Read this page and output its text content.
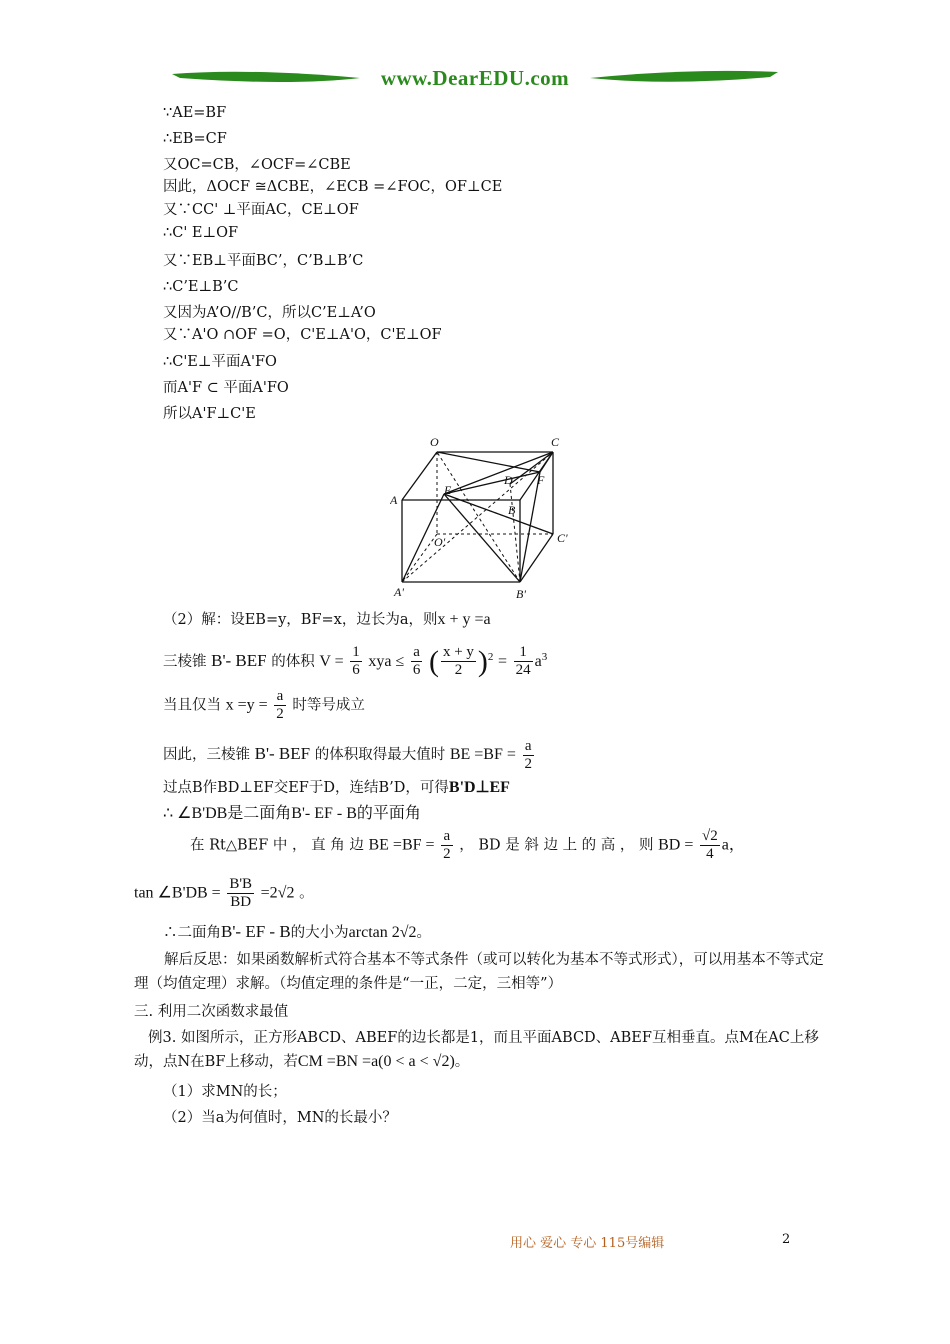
www.DearEDU.com
∵AE=BF
∴EB=CF
又OC=CB，∠OCF=∠CBE
因此，ΔOCF ≅ΔCBE，∠ECB =∠FOC，OF⊥CE
又∵CC' ⊥平面AC，CE⊥OF
∴C' E⊥OF
又∵EB⊥平面BC’，C’B⊥B’C
∴C’E⊥B’C
又因为A’O//B’C，所以C’E⊥A’O
又∵A'O ∩OF =O，C'E⊥A'O，C'E⊥OF
∴C'E⊥平面A'FO
而A'F ⊂ 平面A'FO
所以A'F⊥C'E
O	C
A
E
D F
B
C'
O'
A'	B'
（2）解：设EB=y，BF=x，边长为a，则x + y =a
三棱锥 B'- BEF 的体积 $V = \frac{1}{6}$ xya ≤ $\frac{a}{6}$ ( $\frac{x + y}{2} )^2 = \frac{1}{24} a^3$
当且仅当 $x =y = \frac{a}{2}$ 时等号成立
因此，三棱锥 B'- BEF 的体积取得最大值时 BE $=BF = \frac{a}{2}$
过点B作BD⊥EF交EF于D，连结B’D，可得B'D⊥EF
∴ ∠B'DB是二面角B'- EF - B的平面角
在 Rt△BEF 中 ， 直 角 边 BE $=BF = \frac{a}{2}$ ， BD 是 斜 边 上 的 高 ， 则 BD = $\frac{√2}{4}$ a，
tan ∠B'DB = $\frac{B'B}{BD} =2√2$ 。
∴二面角B'- EF - B的大小为arctan 2√2。
解后反思：如果函数解析式符合基本不等式条件（或可以转化为基本不等式形式），可以用基本不等式定理（均值定理）求解。（均值定理的条件是“一正，二定，三相等”）
三. 利用二次函数求最值
例3. 如图所示，正方形ABCD、ABEF的边长都是1，而且平面ABCD、ABEF互相垂直。点M在AC上移动，点N在BF上移动，若CM =BN =a(0 < a < √2)。
（1）求MN的长；
（2）当a为何值时，MN的长最小？
用心 爱心 专心 115号编辑	2
